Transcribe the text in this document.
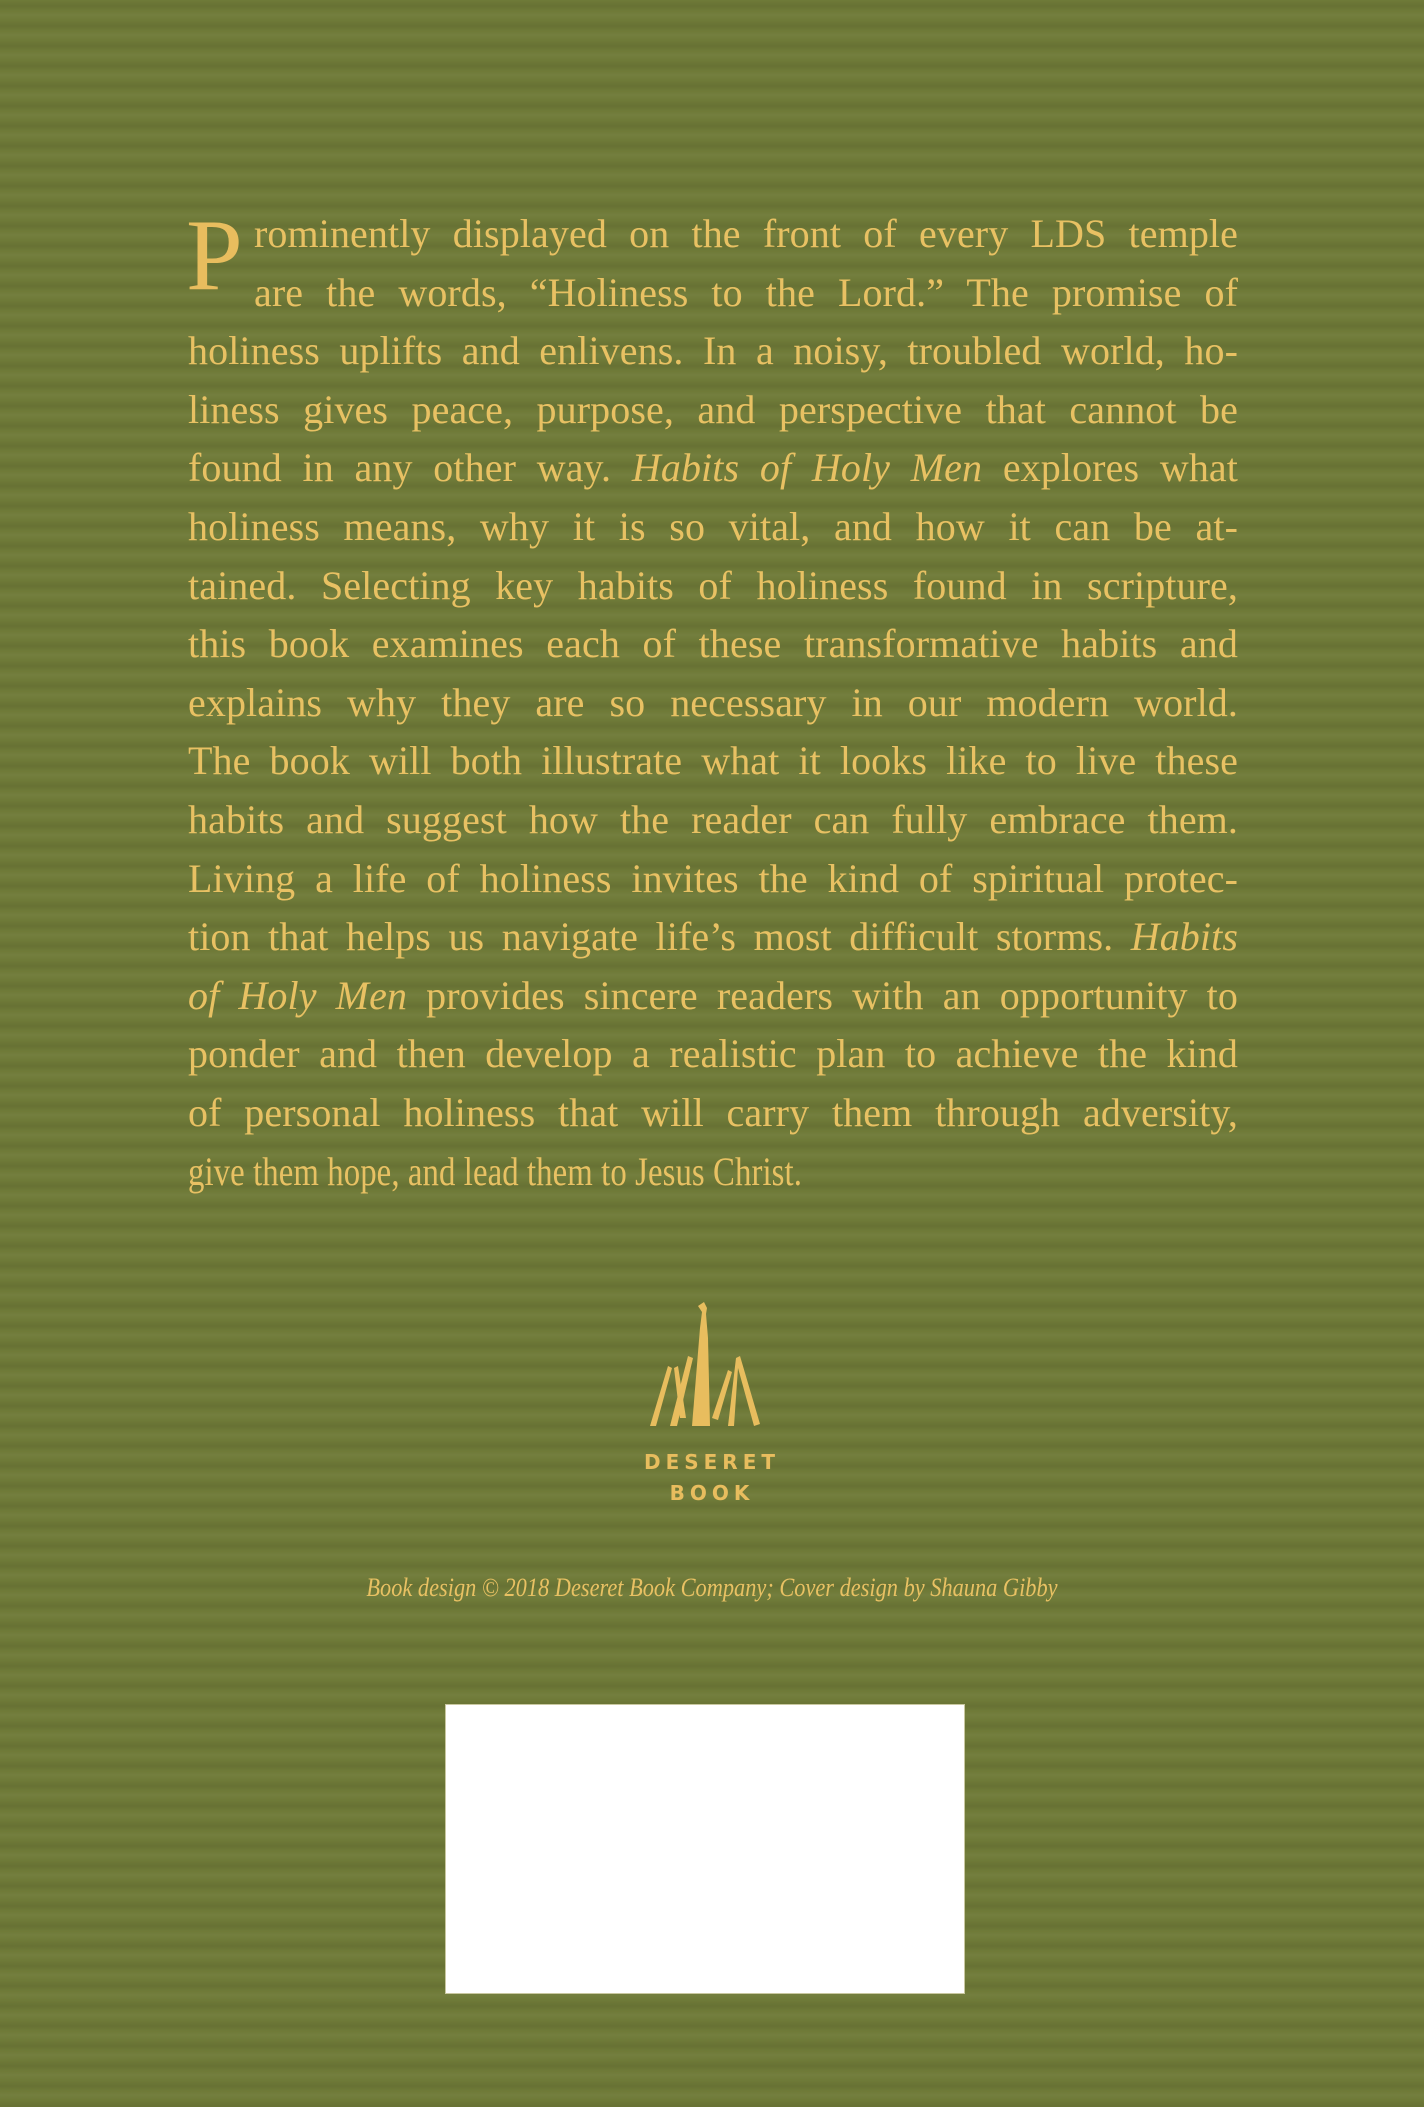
P rominently displayed on the front of every LDS temple
are the words, “Holiness to the Lord.” The promise of
holiness uplifts and enlivens. In a noisy, troubled world, ho-
liness gives peace, purpose, and perspective that cannot be
found in any other way. Habits of Holy Men explores what
holiness means, why it is so vital, and how it can be at-
tained. Selecting key habits of holiness found in scripture,
this book examines each of these transformative habits and
explains why they are so necessary in our modern world.
The book will both illustrate what it looks like to live these
habits and suggest how the reader can fully embrace them.
Living a life of holiness invites the kind of spiritual protec-
tion that helps us navigate life’s most difficult storms. Habits
of Holy Men provides sincere readers with an opportunity to
ponder and then develop a realistic plan to achieve the kind
of personal holiness that will carry them through adversity,
give them hope, and lead them to Jesus Christ.
DESERET
BOOK
Book design © 2018 Deseret Book Company; Cover design by Shauna Gibby
